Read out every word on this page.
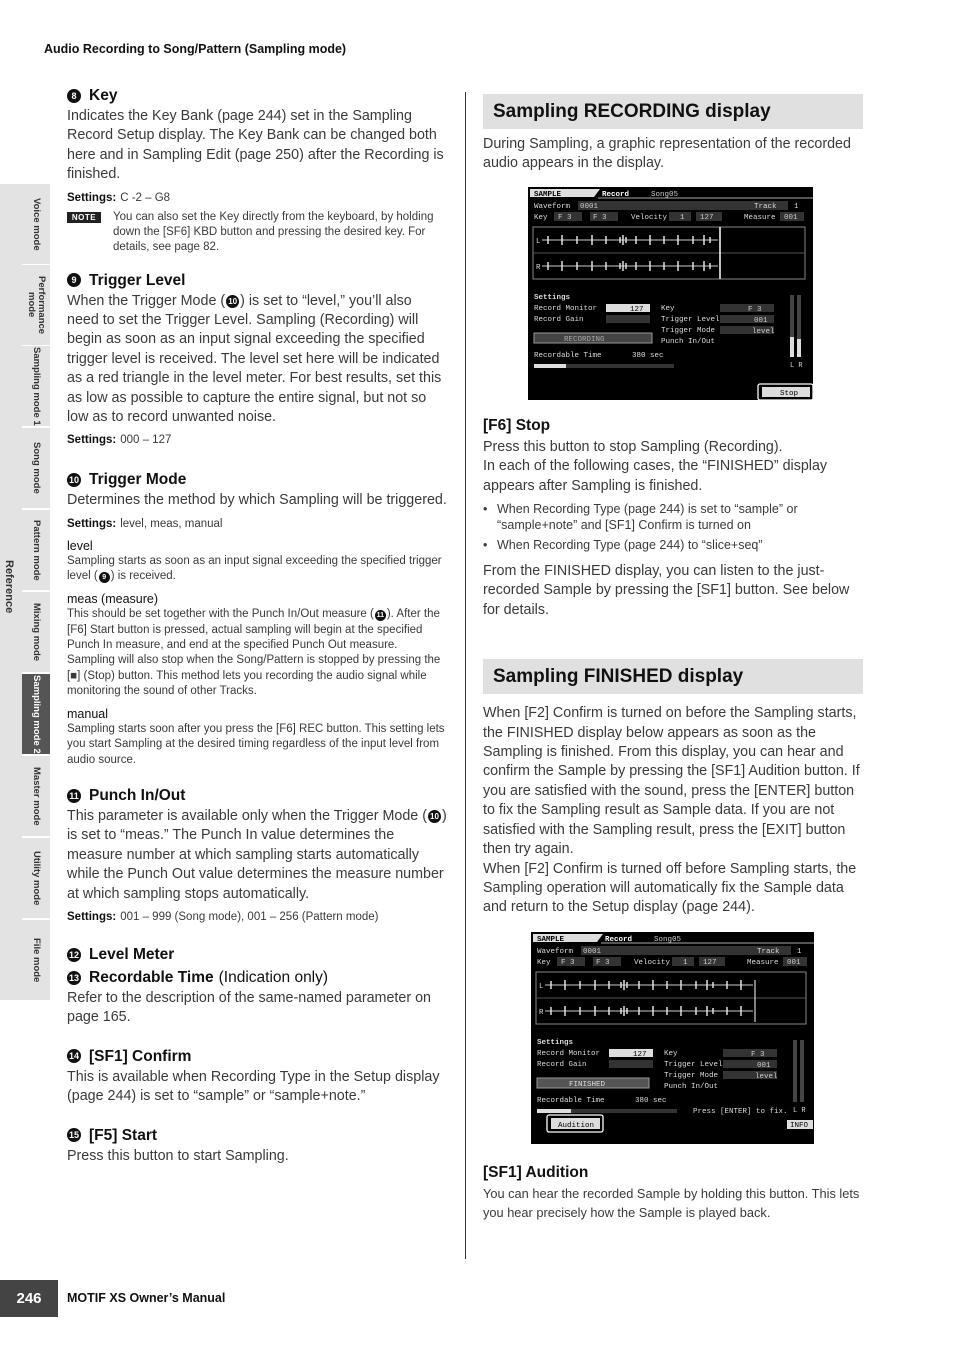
Audio Recording to Song/Pattern (Sampling mode)
Reference
Voice mode
Performance mode
Sampling mode 1
Song mode
Pattern mode
Mixing mode
Sampling mode 2
Master mode
Utility mode
File mode
8 Key

Indicates the Key Bank (page 244) set in the Sampling Record Setup display. The Key Bank can be changed both here and in Sampling Edit (page 250) after the Recording is finished.

Settings: C -2 – G8

NOTE	You can also set the Key directly from the keyboard, by holding down the [SF6] KBD button and pressing the desired key. For details, see page 82.
9 Trigger Level

When the Trigger Mode ( 10 ) is set to “level,” you’ll also need to set the Trigger Level. Sampling (Recording) will begin as soon as an input signal exceeding the specified trigger level is received. The level set here will be indicated as a red triangle in the level meter. For best results, set this as low as possible to capture the entire signal, but not so low as to record unwanted noise.

Settings: 000 – 127

10 Trigger Mode

Determines the method by which Sampling will be triggered.

Settings: level, meas, manual

level

Sampling starts as soon as an input signal exceeding the specified trigger level ( 9 ) is received.

meas (measure)

This should be set together with the Punch In/Out measure ( 11 ). After the [F6] Start button is pressed, actual sampling will begin at the specified Punch In measure, and end at the specified Punch Out measure. Sampling will also stop when the Song/Pattern is stopped by pressing the [■] (Stop) button. This method lets you recording the audio signal while monitoring the sound of other Tracks.

manual

Sampling starts soon after you press the [F6] REC button. This setting lets you start Sampling at the desired timing regardless of the input level from audio source.

11 Punch In/Out

This parameter is available only when the Trigger Mode ( 10 ) is set to “meas.” The Punch In value determines the measure number at which sampling starts automatically while the Punch Out value determines the measure number at which sampling stops automatically.

Settings: 001 – 999 (Song mode), 001 – 256 (Pattern mode)

12 Level Meter
13 Recordable Time (Indication only)

Refer to the description of the same-named parameter on page 165.

14 [SF1] Confirm

This is available when Recording Type in the Setup display (page 244) is set to “sample” or “sample+note.”

15 [F5] Start

Press this button to start Sampling.

Sampling RECORDING display

During Sampling, a graphic representation of the recorded audio appears in the display.

SAMPLE	Record	Song05
Waveform 0001	Track 1
Key F 3	F 3	Velocity 1 127	Measure 001
L
R
Settings
Record Monitor	127
Record Gain
RECORDING
Recordable Time	380 sec
Key	F 3
Trigger Level	001
Trigger Mode	level
Punch In/Out
L R
Stop
[F6] Stop

Press this button to stop Sampling (Recording).
In each of the following cases, the “FINISHED” display appears after Sampling is finished.

• When Recording Type (page 244) is set to “sample” or “sample+note” and [SF1] Confirm is turned on

• When Recording Type (page 244) to “slice+seq”

From the FINISHED display, you can listen to the just-recorded Sample by pressing the [SF1] button. See below for details.

Sampling FINISHED display

When [F2] Confirm is turned on before the Sampling starts, the FINISHED display below appears as soon as the Sampling is finished. From this display, you can hear and confirm the Sample by pressing the [SF1] Audition button. If you are satisfied with the sound, press the [ENTER] button to fix the Sampling result as Sample data. If you are not satisfied with the Sampling result, press the [EXIT] button then try again.
When [F2] Confirm is turned off before Sampling starts, the Sampling operation will automatically fix the Sample data and return to the Setup display (page 244).

SAMPLE	Record	Song05
Waveform 0001	Track 1
Key F 3	F 3	Velocity 1 127	Measure 001
L
R
Settings
Record Monitor	127
Record Gain
FINISHED
Recordable Time	380 sec
Key	F 3
Trigger Level	001
Trigger Mode	level
Punch In/Out
L R
Press [ENTER] to fix.
Audition	INFO
[SF1] Audition

You can hear the recorded Sample by holding this button. This lets you hear precisely how the Sample is played back.

246	MOTIF XS Owner’s Manual
